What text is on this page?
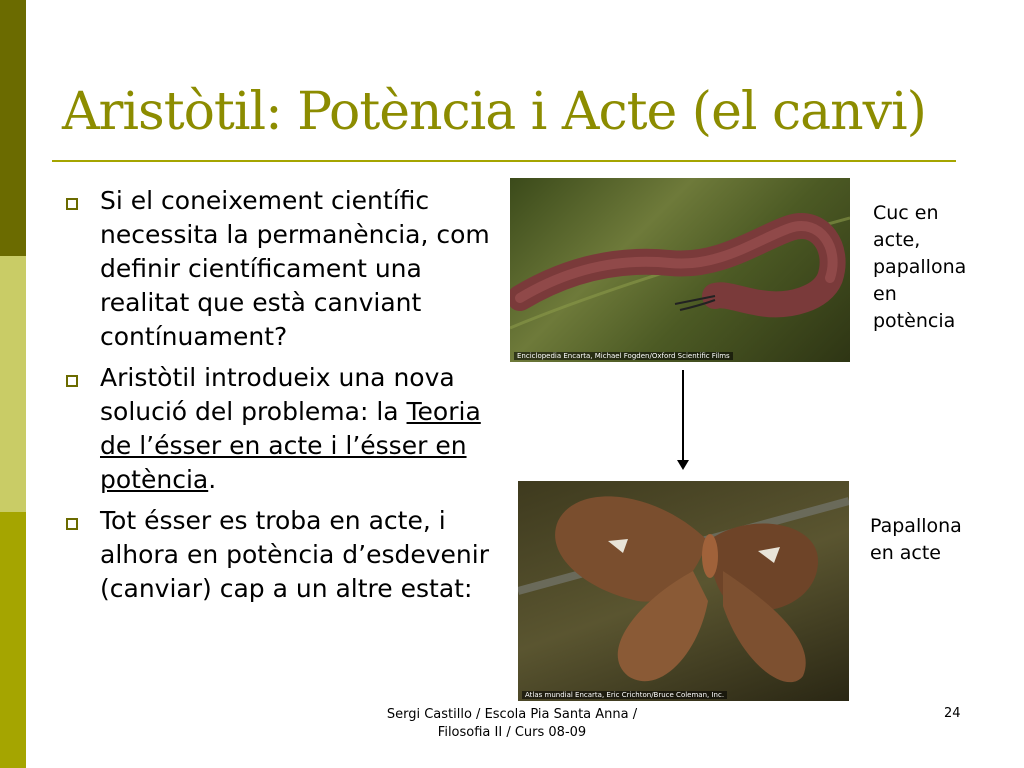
Aristòtil: Potència i Acte (el canvi)
Si el coneixement científic necessita la permanència, com definir científicament una realitat que està canviant contínuament?
Aristòtil introdueix una nova solució del problema: la Teoria de l’ésser en acte i l’ésser en potència.
Tot ésser es troba en acte, i alhora en potència d’esdevenir (canviar) cap a un altre estat:
Enciclopedia Encarta, Michael Fogden/Oxford Scientific Films
Atlas mundial Encarta, Eric Crichton/Bruce Coleman, Inc.
Cuc en
acte,
papallona
en
potència
Papallona
en acte
Sergi Castillo / Escola Pia Santa Anna /
Filosofia II / Curs 08-09
24
